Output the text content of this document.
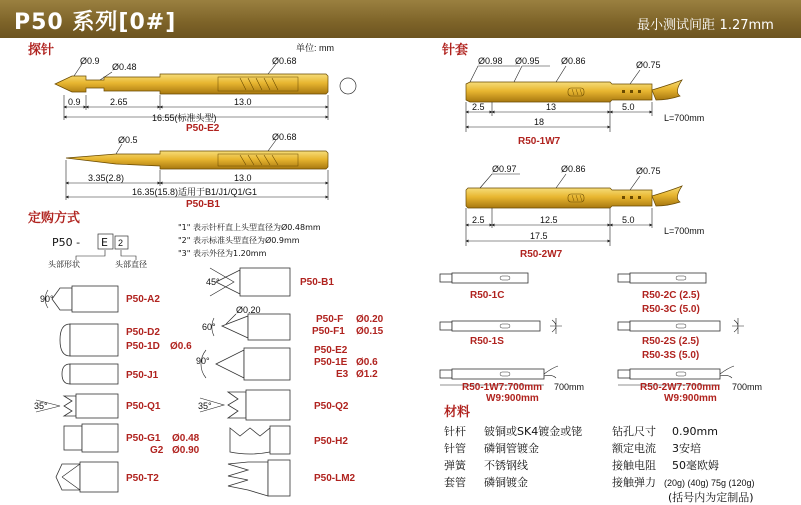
P50 系列[0#]	最小测试间距 1.27mm
探针	单位: mm
Ø0.9
Ø0.48
Ø0.68
0.9	2.65	13.0
16.55(标准头型)
P50-E2
Ø0.5	Ø0.68
3.35(2.8)	13.0
16.35(15.8)适用于B1/J1/Q1/G1
P50-B1
定购方式
P50 - E 2
头部形状	头部直径
"1" 表示针杆直上头型直径为Ø0.48mm
"2" 表示标准头型直径为Ø0.9mm
"3" 表示外径为1.20mm
90°	P50-A2
P50-D2
P50-1D Ø0.6
P50-J1
35°	P50-Q1
P50-G1 Ø0.48
G2 Ø0.90
P50-T2
45°	P50-B1
Ø0.20
60°
P50-F Ø0.20
P50-F1 Ø0.15
90°
P50-E2
P50-1E Ø0.6
E3 Ø1.2
35°	P50-Q2
P50-H2
P50-LM2
针套
Ø0.98 Ø0.95 Ø0.86	Ø0.75
2.5	13	5.0
18	L=700mm
R50-1W7
Ø0.97	Ø0.86	Ø0.75
2.5	12.5	5.0
17.5	L=700mm
R50-2W7
R50-1C	R50-2C (2.5)
R50-3C (5.0)
R50-1S	R50-2S (2.5)
R50-3S (5.0)
R50-1W7:700mm
W9:900mm
700mm	R50-2W7:700mm
W9:900mm
700mm
材料
针杆 铍铜或SK4镀金或铑	钻孔尺寸 0.90mm
针管 磷铜管镀金	额定电流 3安培
弹簧 不锈钢线	接触电阻 50毫欧姆
套管 磷铜镀金	接触弹力 (20g) (40g) 75g (120g)
(括号内为定制品)
